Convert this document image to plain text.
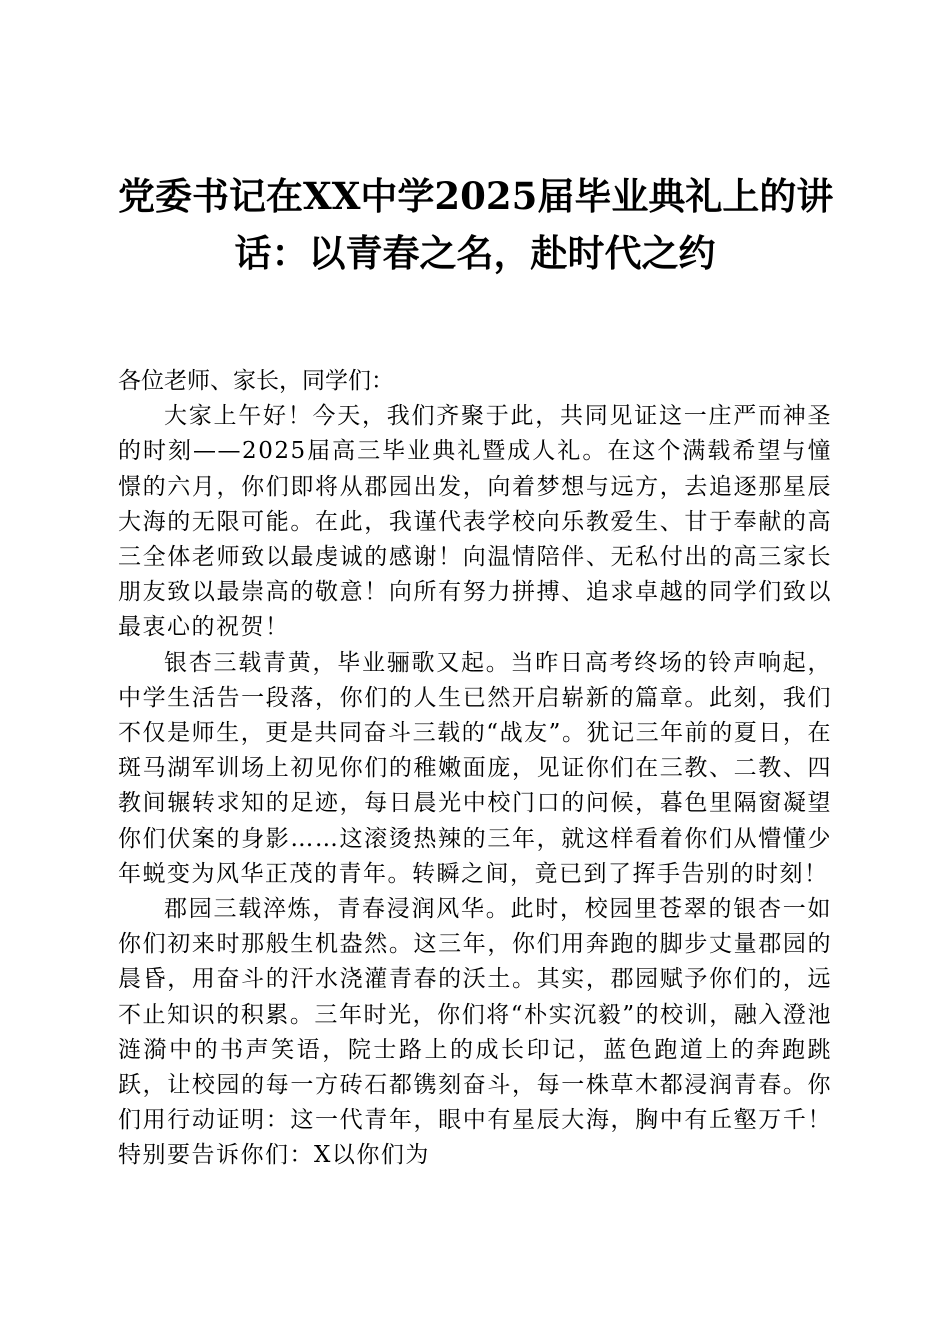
党委书记在XX中学2025届毕业典礼上的讲
话：以青春之名，赴时代之约

各位老师、家长，同学们：

大家上午好！今天，我们齐聚于此，共同见证这一庄严而神圣的时刻——2025届高三毕业典礼暨成人礼。在这个满载希望与憧憬的六月，你们即将从郡园出发，向着梦想与远方，去追逐那星辰大海的无限可能。在此，我谨代表学校向乐教爱生、甘于奉献的高三全体老师致以最虔诚的感谢！向温情陪伴、无私付出的高三家长朋友致以最崇高的敬意！向所有努力拼搏、追求卓越的同学们致以最衷心的祝贺！

银杏三载青黄，毕业骊歌又起。当昨日高考终场的铃声响起，中学生活告一段落，你们的人生已然开启崭新的篇章。此刻，我们不仅是师生，更是共同奋斗三载的“战友”。犹记三年前的夏日，在斑马湖军训场上初见你们的稚嫩面庞，见证你们在三教、二教、四教间辗转求知的足迹，每日晨光中校门口的问候，暮色里隔窗凝望你们伏案的身影……这滚烫热辣的三年，就这样看着你们从懵懂少年蜕变为风华正茂的青年。转瞬之间，竟已到了挥手告别的时刻！

郡园三载淬炼，青春浸润风华。此时，校园里苍翠的银杏一如你们初来时那般生机盎然。这三年，你们用奔跑的脚步丈量郡园的晨昏，用奋斗的汗水浇灌青春的沃土。其实，郡园赋予你们的，远不止知识的积累。三年时光，你们将“朴实沉毅”的校训，融入澄池涟漪中的书声笑语，院士路上的成长印记，蓝色跑道上的奔跑跳跃，让校园的每一方砖石都镌刻奋斗，每一株草木都浸润青春。你们用行动证明：这一代青年，眼中有星辰大海，胸中有丘壑万千！特别要告诉你们：X以你们为
